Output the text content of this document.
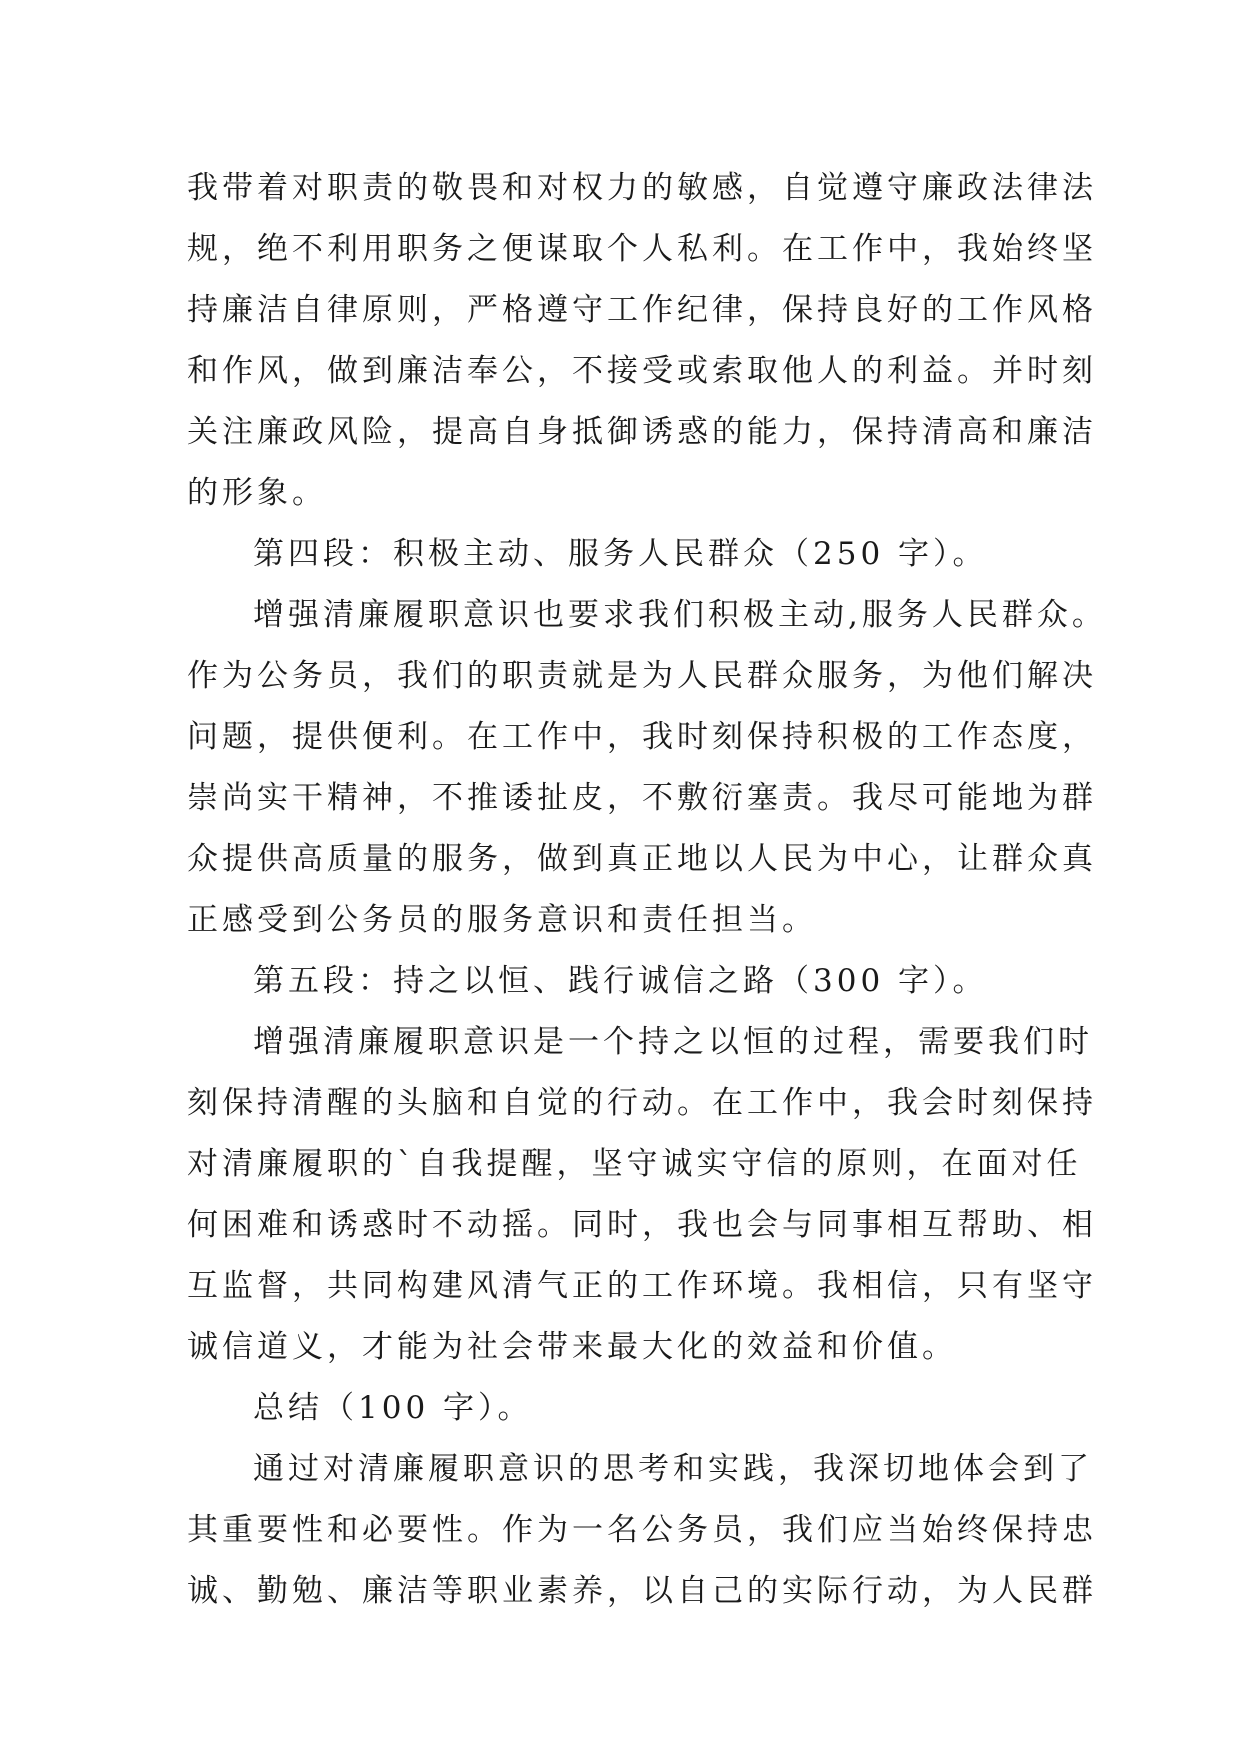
我带着对职责的敬畏和对权力的敏感，自觉遵守廉政法律法
规，绝不利用职务之便谋取个人私利。在工作中，我始终坚
持廉洁自律原则，严格遵守工作纪律，保持良好的工作风格
和作风，做到廉洁奉公，不接受或索取他人的利益。并时刻
关注廉政风险，提高自身抵御诱惑的能力，保持清高和廉洁
的形象。
第四段：积极主动、服务人民群众（250 字）。
增强清廉履职意识也要求我们积极主动,服务人民群众。
作为公务员，我们的职责就是为人民群众服务，为他们解决
问题，提供便利。在工作中，我时刻保持积极的工作态度，
崇尚实干精神，不推诿扯皮，不敷衍塞责。我尽可能地为群
众提供高质量的服务，做到真正地以人民为中心，让群众真
正感受到公务员的服务意识和责任担当。
第五段：持之以恒、践行诚信之路（300 字）。
增强清廉履职意识是一个持之以恒的过程，需要我们时
刻保持清醒的头脑和自觉的行动。在工作中，我会时刻保持
对清廉履职的`自我提醒，坚守诚实守信的原则，在面对任
何困难和诱惑时不动摇。同时，我也会与同事相互帮助、相
互监督，共同构建风清气正的工作环境。我相信，只有坚守
诚信道义，才能为社会带来最大化的效益和价值。
总结（100 字）。
通过对清廉履职意识的思考和实践，我深切地体会到了
其重要性和必要性。作为一名公务员，我们应当始终保持忠
诚、勤勉、廉洁等职业素养，以自己的实际行动，为人民群
